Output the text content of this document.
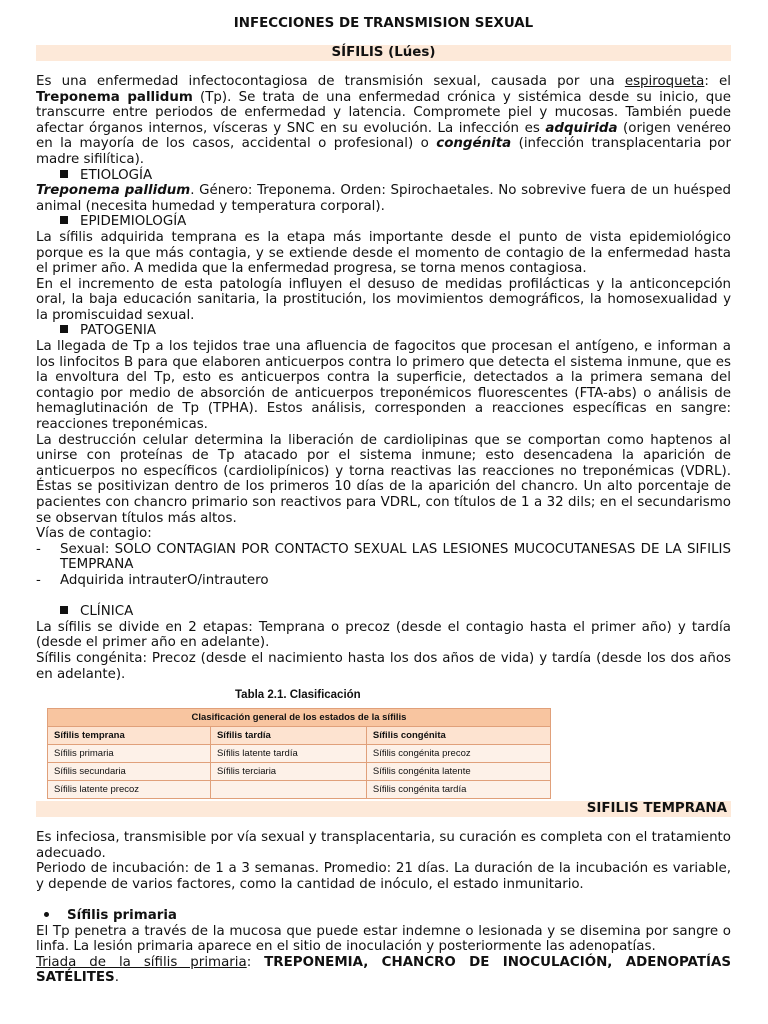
INFECCIONES DE TRANSMISION SEXUAL

SÍFILIS (Lúes)

Es una enfermedad infectocontagiosa de transmisión sexual, causada por una espiroqueta: el Treponema pallidum (Tp). Se trata de una enfermedad crónica y sistémica desde su inicio, que transcurre entre periodos de enfermedad y latencia. Compromete piel y mucosas. También puede afectar órganos internos, vísceras y SNC en su evolución. La infección es adquirida (origen venéreo en la mayoría de los casos, accidental o profesional) o congénita (infección transplacentaria por madre sifilítica).

ETIOLOGÍA

Treponema pallidum. Género: Treponema. Orden: Spirochaetales. No sobrevive fuera de un huésped animal (necesita humedad y temperatura corporal).

EPIDEMIOLOGÍA

La sífilis adquirida temprana es la etapa más importante desde el punto de vista epidemiológico porque es la que más contagia, y se extiende desde el momento de contagio de la enfermedad hasta el primer año. A medida que la enfermedad progresa, se torna menos contagiosa.

En el incremento de esta patología influyen el desuso de medidas profilácticas y la anticoncepción oral, la baja educación sanitaria, la prostitución, los movimientos demográficos, la homosexualidad y la promiscuidad sexual.

PATOGENIA

La llegada de Tp a los tejidos trae una afluencia de fagocitos que procesan el antígeno, e informan a los linfocitos B para que elaboren anticuerpos contra lo primero que detecta el sistema inmune, que es la envoltura del Tp, esto es anticuerpos contra la superficie, detectados a la primera semana del contagio por medio de absorción de anticuerpos treponémicos fluorescentes (FTA-abs) o análisis de hemaglutinación de Tp (TPHA). Estos análisis, corresponden a reacciones específicas en sangre: reacciones treponémicas.

La destrucción celular determina la liberación de cardiolipinas que se comportan como haptenos al unirse con proteínas de Tp atacado por el sistema inmune; esto desencadena la aparición de anticuerpos no específicos (cardiolipínicos) y torna reactivas las reacciones no treponémicas (VDRL). Éstas se positivizan dentro de los primeros 10 días de la aparición del chancro. Un alto porcentaje de pacientes con chancro primario son reactivos para VDRL, con títulos de 1 a 32 dils; en el secundarismo se observan títulos más altos.

Vías de contagio:

- Sexual: SOLO CONTAGIAN POR CONTACTO SEXUAL LAS LESIONES MUCOCUTANESAS DE LA SIFILIS TEMPRANA

- Adquirida intrauterO/intrautero

CLÍNICA

La sífilis se divide en 2 etapas: Temprana o precoz (desde el contagio hasta el primer año) y tardía (desde el primer año en adelante).

Sífilis congénita: Precoz (desde el nacimiento hasta los dos años de vida) y tardía (desde los dos años en adelante).

Tabla 2.1. Clasificación

Clasificación general de los estados de la sífilis		
Sífilis temprana	Sífilis tardía	Sífilis congénita
Sífilis primaria	Sífilis latente tardía	Sífilis congénita precoz
Sífilis secundaria	Sífilis terciaria	Sífilis congénita latente
Sífilis latente precoz		Sífilis congénita tardía

SIFILIS TEMPRANA

Es infeciosa, transmisible por vía sexual y transplacentaria, su curación es completa con el tratamiento adecuado.

Periodo de incubación: de 1 a 3 semanas. Promedio: 21 días. La duración de la incubación es variable, y depende de varios factores, como la cantidad de inóculo, el estado inmunitario.

Sífilis primaria

El Tp penetra a través de la mucosa que puede estar indemne o lesionada y se disemina por sangre o linfa. La lesión primaria aparece en el sitio de inoculación y posteriormente las adenopatías.

Triada de la sífilis primaria: TREPONEMIA, CHANCRO DE INOCULACIÓN, ADENOPATÍAS SATÉLITES.
